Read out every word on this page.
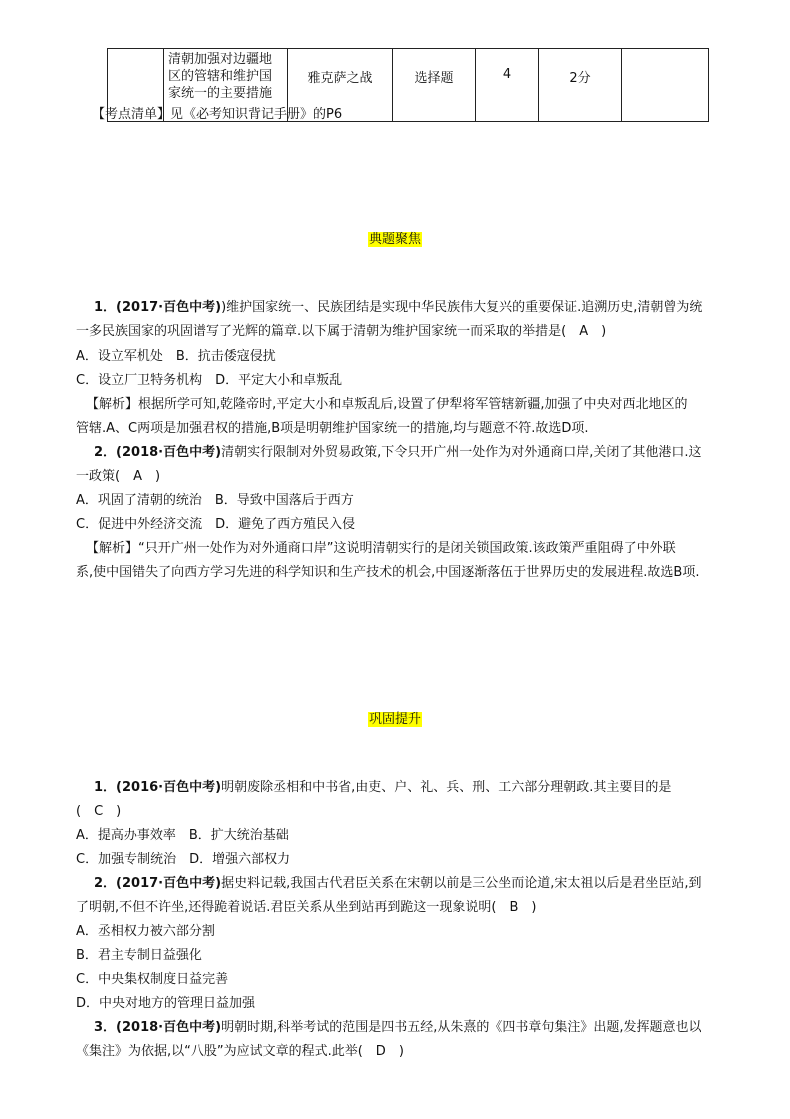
清朝加强对边疆地
区的管辖和维护国
家统一的主要措施
	雅克萨之战	选择题	4	2分	
【考点清单】见《必考知识背记手册》的P6
典题聚焦
1．(2017·百色中考))维护国家统一、民族团结是实现中华民族伟大复兴的重要保证.追溯历史,清朝曾为统
一多民族国家的巩固谱写了光辉的篇章.以下属于清朝为维护国家统一而采取的举措是(　A　)
A．设立军机处　B．抗击倭寇侵扰
C．设立厂卫特务机构　D．平定大小和卓叛乱
【解析】根据所学可知,乾隆帝时,平定大小和卓叛乱后,设置了伊犁将军管辖新疆,加强了中央对西北地区的
管辖.A、C两项是加强君权的措施,B项是明朝维护国家统一的措施,均与题意不符.故选D项.
2．(2018·百色中考)清朝实行限制对外贸易政策,下令只开广州一处作为对外通商口岸,关闭了其他港口.这
一政策(　A　)
A．巩固了清朝的统治　B．导致中国落后于西方
C．促进中外经济交流　D．避免了西方殖民入侵
【解析】“只开广州一处作为对外通商口岸”这说明清朝实行的是闭关锁国政策.该政策严重阻碍了中外联
系,使中国错失了向西方学习先进的科学知识和生产技术的机会,中国逐渐落伍于世界历史的发展进程.故选B项.
巩固提升
1．(2016·百色中考)明朝废除丞相和中书省,由吏、户、礼、兵、刑、工六部分理朝政.其主要目的是
(　C　)
A．提高办事效率　B．扩大统治基础
C．加强专制统治　D．增强六部权力
2．(2017·百色中考)据史料记载,我国古代君臣关系在宋朝以前是三公坐而论道,宋太祖以后是君坐臣站,到
了明朝,不但不许坐,还得跪着说话.君臣关系从坐到站再到跪这一现象说明(　B　)
A．丞相权力被六部分割
B．君主专制日益强化
C．中央集权制度日益完善
D．中央对地方的管理日益加强
3．(2018·百色中考)明朝时期,科举考试的范围是四书五经,从朱熹的《四书章句集注》出题,发挥题意也以
《集注》为依据,以“八股”为应试文章的程式.此举(　D　)
